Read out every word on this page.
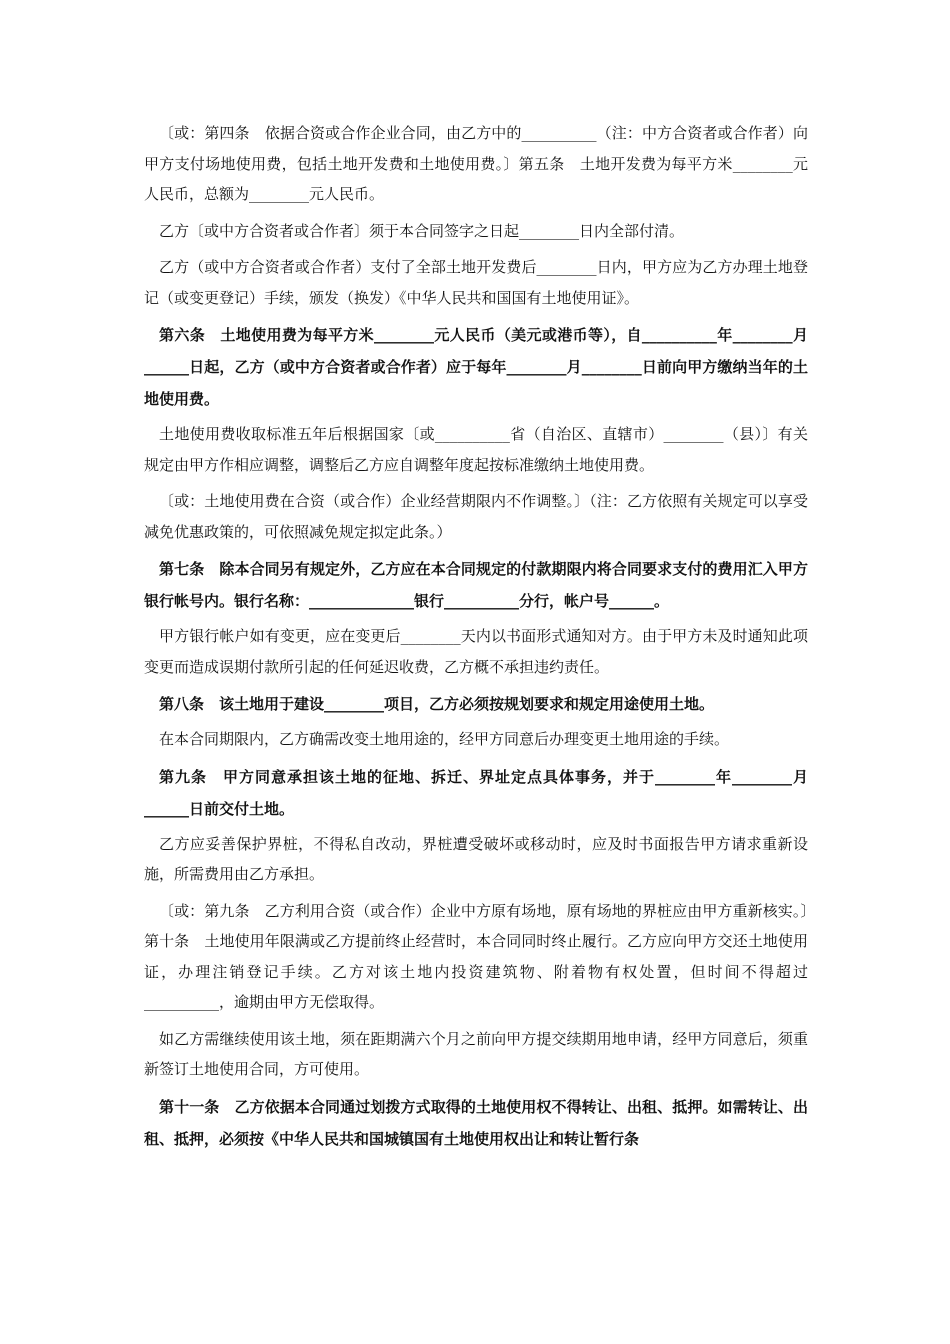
〔或：第四条　依据合资或合作企业合同，由乙方中的__________（注：中方合资者或合作者）向甲方支付场地使用费，包括土地开发费和土地使用费。〕第五条　土地开发费为每平方米________元人民币，总额为________元人民币。

乙方〔或中方合资者或合作者〕须于本合同签字之日起________日内全部付清。

乙方（或中方合资者或合作者）支付了全部土地开发费后________日内，甲方应为乙方办理土地登记（或变更登记）手续，颁发（换发）《中华人民共和国国有土地使用证》。

第六条　土地使用费为每平方米________元人民币（美元或港币等），自__________年________月______日起，乙方（或中方合资者或合作者）应于每年________月________日前向甲方缴纳当年的土地使用费。

土地使用费收取标准五年后根据国家〔或__________省（自治区、直辖市）________（县）〕有关规定由甲方作相应调整，调整后乙方应自调整年度起按标准缴纳土地使用费。

〔或：土地使用费在合资（或合作）企业经营期限内不作调整。〕（注：乙方依照有关规定可以享受减免优惠政策的，可依照减免规定拟定此条。）

第七条　除本合同另有规定外，乙方应在本合同规定的付款期限内将合同要求支付的费用汇入甲方银行帐号内。银行名称：______________银行__________分行，帐户号______。

甲方银行帐户如有变更，应在变更后________天内以书面形式通知对方。由于甲方未及时通知此项变更而造成误期付款所引起的任何延迟收费，乙方概不承担违约责任。

第八条　该土地用于建设________项目，乙方必须按规划要求和规定用途使用土地。

在本合同期限内，乙方确需改变土地用途的，经甲方同意后办理变更土地用途的手续。

第九条　甲方同意承担该土地的征地、拆迁、界址定点具体事务，并于________年________月______日前交付土地。

乙方应妥善保护界桩，不得私自改动，界桩遭受破坏或移动时，应及时书面报告甲方请求重新设施，所需费用由乙方承担。

〔或：第九条　乙方利用合资（或合作）企业中方原有场地，原有场地的界桩应由甲方重新核实。〕第十条　土地使用年限满或乙方提前终止经营时，本合同同时终止履行。乙方应向甲方交还土地使用证，办理注销登记手续。乙方对该土地内投资建筑物、附着物有权处置，但时间不得超过__________，逾期由甲方无偿取得。

如乙方需继续使用该土地，须在距期满六个月之前向甲方提交续期用地申请，经甲方同意后，须重新签订土地使用合同，方可使用。

第十一条　乙方依据本合同通过划拨方式取得的土地使用权不得转让、出租、抵押。如需转让、出租、抵押，必须按《中华人民共和国城镇国有土地使用权出让和转让暂行条
